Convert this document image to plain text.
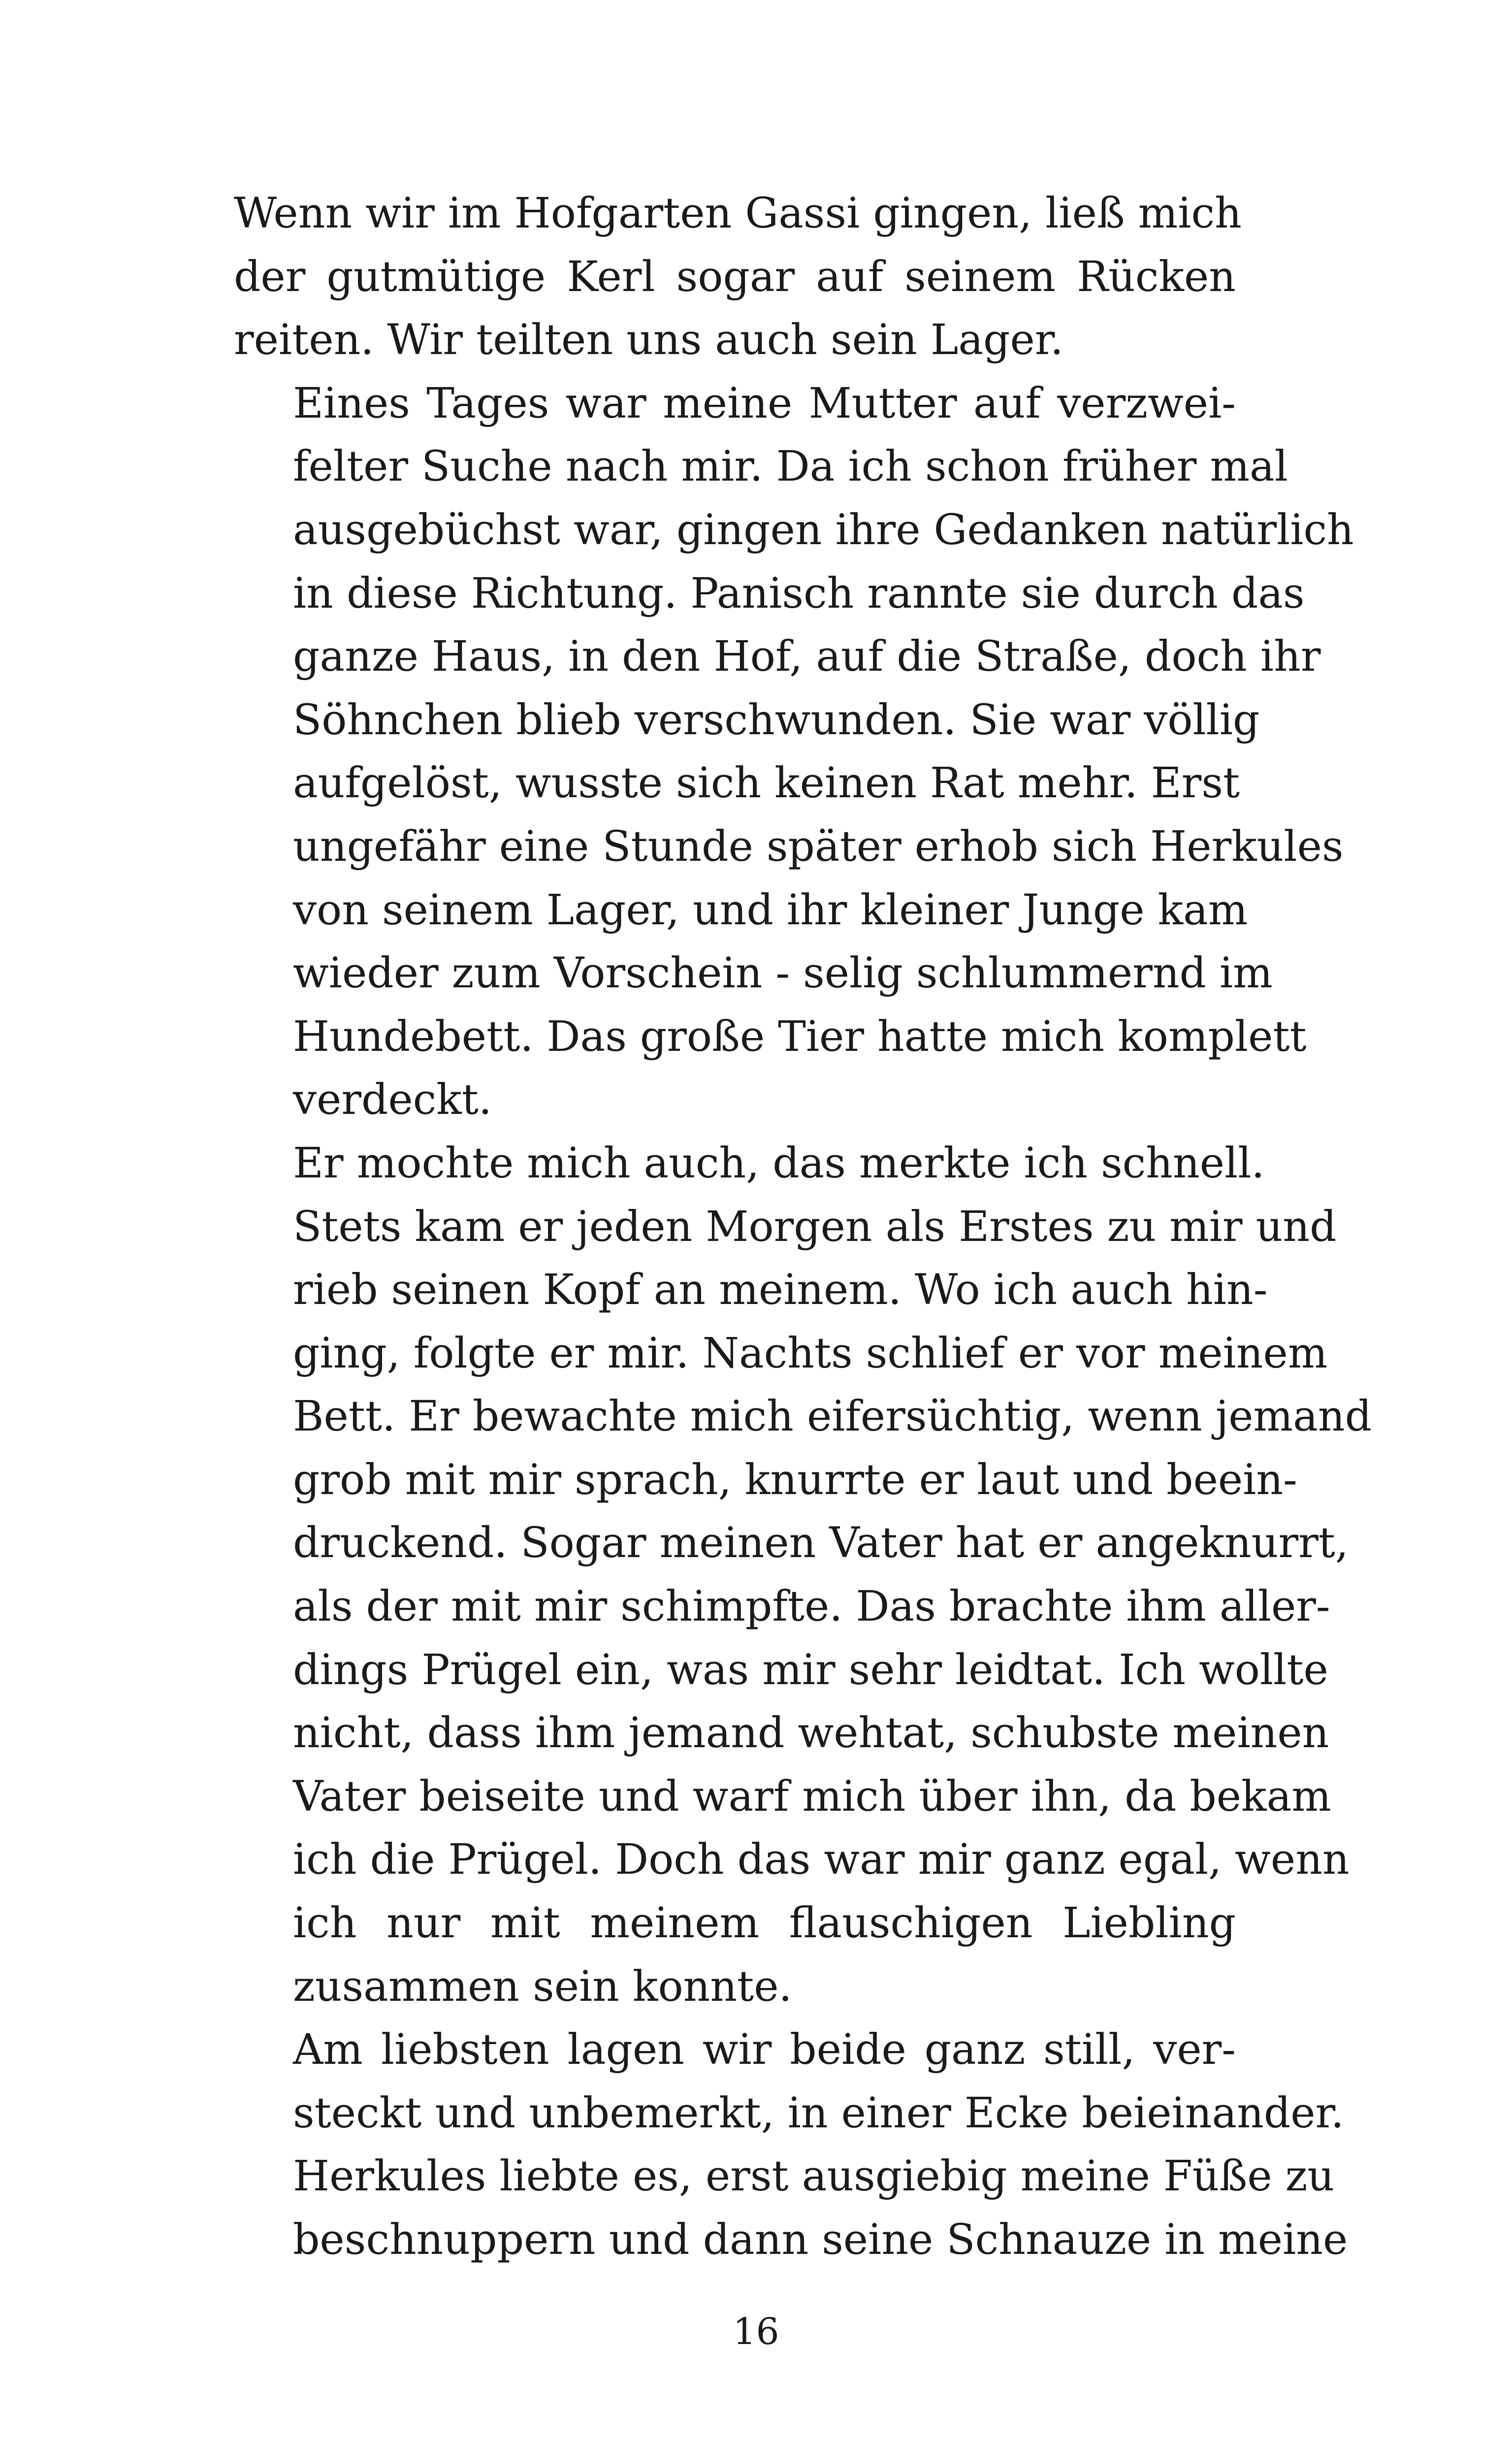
Wenn wir im Hofgarten Gassi gingen, ließ mich
der gutmütige Kerl sogar auf seinem Rücken
reiten. Wir teilten uns auch sein Lager.
Eines Tages war meine Mutter auf verzwei-
felter Suche nach mir. Da ich schon früher mal
ausgebüchst war, gingen ihre Gedanken natürlich
in diese Richtung. Panisch rannte sie durch das
ganze Haus, in den Hof, auf die Straße, doch ihr
Söhnchen blieb verschwunden. Sie war völlig
aufgelöst, wusste sich keinen Rat mehr. Erst
ungefähr eine Stunde später erhob sich Herkules
von seinem Lager, und ihr kleiner Junge kam
wieder zum Vorschein - selig schlummernd im
Hundebett. Das große Tier hatte mich komplett
verdeckt.
Er mochte mich auch, das merkte ich schnell.
Stets kam er jeden Morgen als Erstes zu mir und
rieb seinen Kopf an meinem. Wo ich auch hin-
ging, folgte er mir. Nachts schlief er vor meinem
Bett. Er bewachte mich eifersüchtig, wenn jemand
grob mit mir sprach, knurrte er laut und beein-
druckend. Sogar meinen Vater hat er angeknurrt,
als der mit mir schimpfte. Das brachte ihm aller-
dings Prügel ein, was mir sehr leidtat. Ich wollte
nicht, dass ihm jemand wehtat, schubste meinen
Vater beiseite und warf mich über ihn, da bekam
ich die Prügel. Doch das war mir ganz egal, wenn
ich nur mit meinem flauschigen Liebling
zusammen sein konnte.
Am liebsten lagen wir beide ganz still, ver-
steckt und unbemerkt, in einer Ecke beieinander.
Herkules liebte es, erst ausgiebig meine Füße zu
beschnuppern und dann seine Schnauze in meine
16
